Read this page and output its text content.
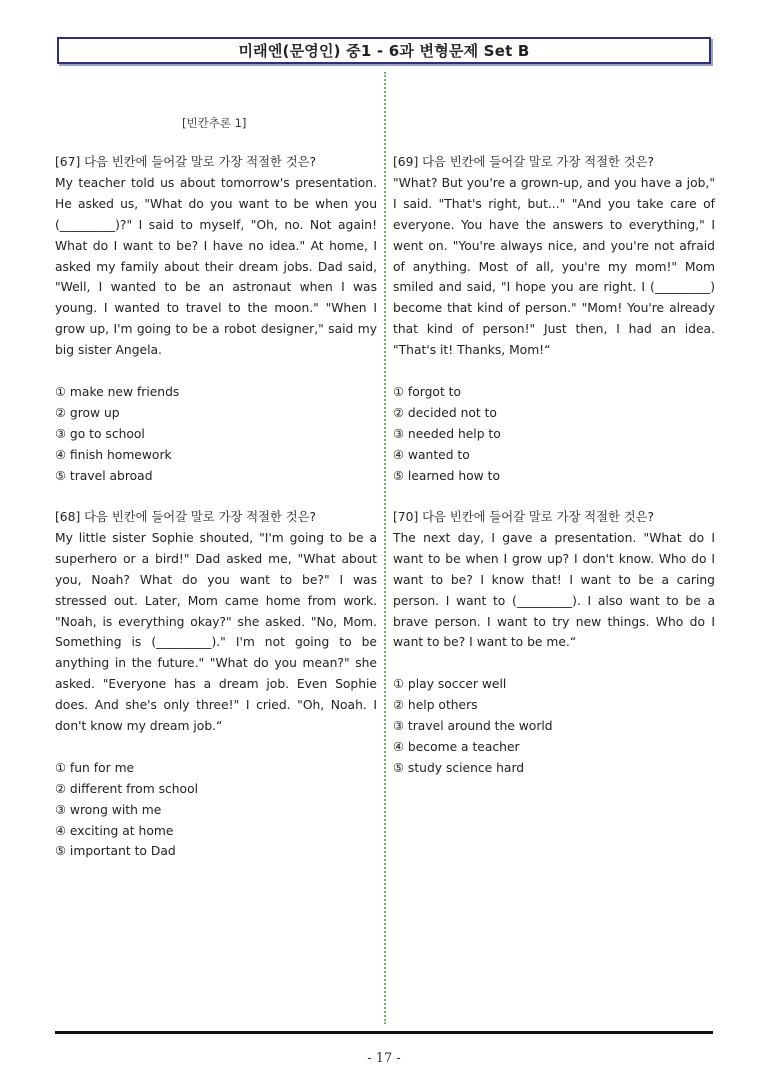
미래엔(문영인) 중1 - 6과 변형문제 Set B
[빈칸추론 1]

[67] 다음 빈칸에 들어갈 말로 가장 적절한 것은?

My teacher told us about tomorrow's presentation. He asked us, "What do you want to be when you (_________)?" I said to myself, "Oh, no. Not again! What do I want to be? I have no idea." At home, I asked my family about their dream jobs. Dad said, "Well, I wanted to be an astronaut when I was young. I wanted to travel to the moon." "When I grow up, I'm going to be a robot designer," said my big sister Angela.

① make new friends
② grow up
③ go to school
④ finish homework
⑤ travel abroad

[68] 다음 빈칸에 들어갈 말로 가장 적절한 것은?

My little sister Sophie shouted, "I'm going to be a superhero or a bird!" Dad asked me, "What about you, Noah? What do you want to be?" I was stressed out. Later, Mom came home from work. "Noah, is everything okay?" she asked. "No, Mom. Something is (_________)." I'm not going to be anything in the future." "What do you mean?" she asked. "Everyone has a dream job. Even Sophie does. And she's only three!" I cried. "Oh, Noah. I don't know my dream job.“

① fun for me
② different from school
③ wrong with me
④ exciting at home
⑤ important to Dad

[69] 다음 빈칸에 들어갈 말로 가장 적절한 것은?

"What? But you're a grown-up, and you have a job," I said. "That's right, but..." "And you take care of everyone. You have the answers to everything," I went on. "You're always nice, and you're not afraid of anything. Most of all, you're my mom!" Mom smiled and said, "I hope you are right. I (_________) become that kind of person." "Mom! You're already that kind of person!" Just then, I had an idea. "That's it! Thanks, Mom!“

① forgot to
② decided not to
③ needed help to
④ wanted to
⑤ learned how to

[70] 다음 빈칸에 들어갈 말로 가장 적절한 것은?

The next day, I gave a presentation. "What do I want to be when I grow up? I don't know. Who do I want to be? I know that! I want to be a caring person. I want to (_________). I also want to be a brave person. I want to try new things. Who do I want to be? I want to be me.“

① play soccer well
② help others
③ travel around the world
④ become a teacher
⑤ study science hard
- 17 -
